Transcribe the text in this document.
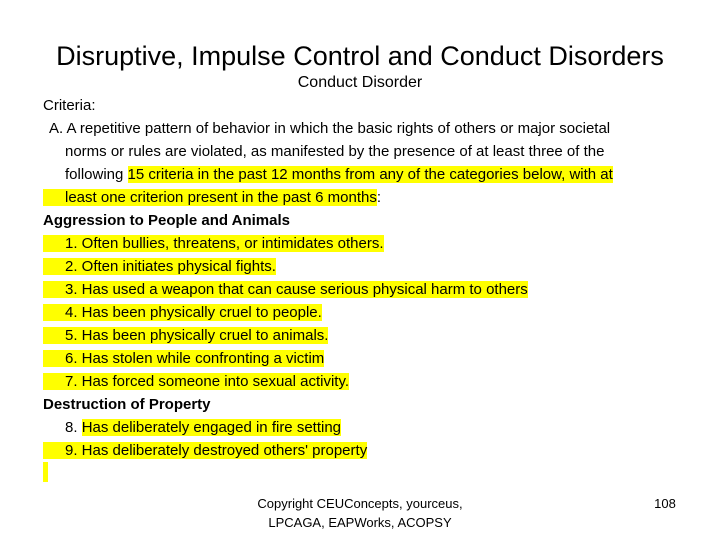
Disruptive, Impulse Control and Conduct Disorders
Conduct Disorder
Criteria:
A. A repetitive pattern of behavior in which the basic rights of others or major societal
norms or rules are violated, as manifested by the presence of at least three of the
following 15 criteria in the past 12 months from any of the categories below, with at
least one criterion present in the past 6 months:
Aggression to People and Animals
1. Often bullies, threatens, or intimidates others.
2. Often initiates physical fights.
3. Has used a weapon that can cause serious physical harm to others
4. Has been physically cruel to people.
5. Has been physically cruel to animals.
6. Has stolen while confronting a victim
7. Has forced someone into sexual activity.
Destruction of Property
8. Has deliberately engaged in fire setting
9. Has deliberately destroyed others' property
Copyright CEUConcepts, yourceus, LPCAGA, EAPWorks, ACOPSY
108
